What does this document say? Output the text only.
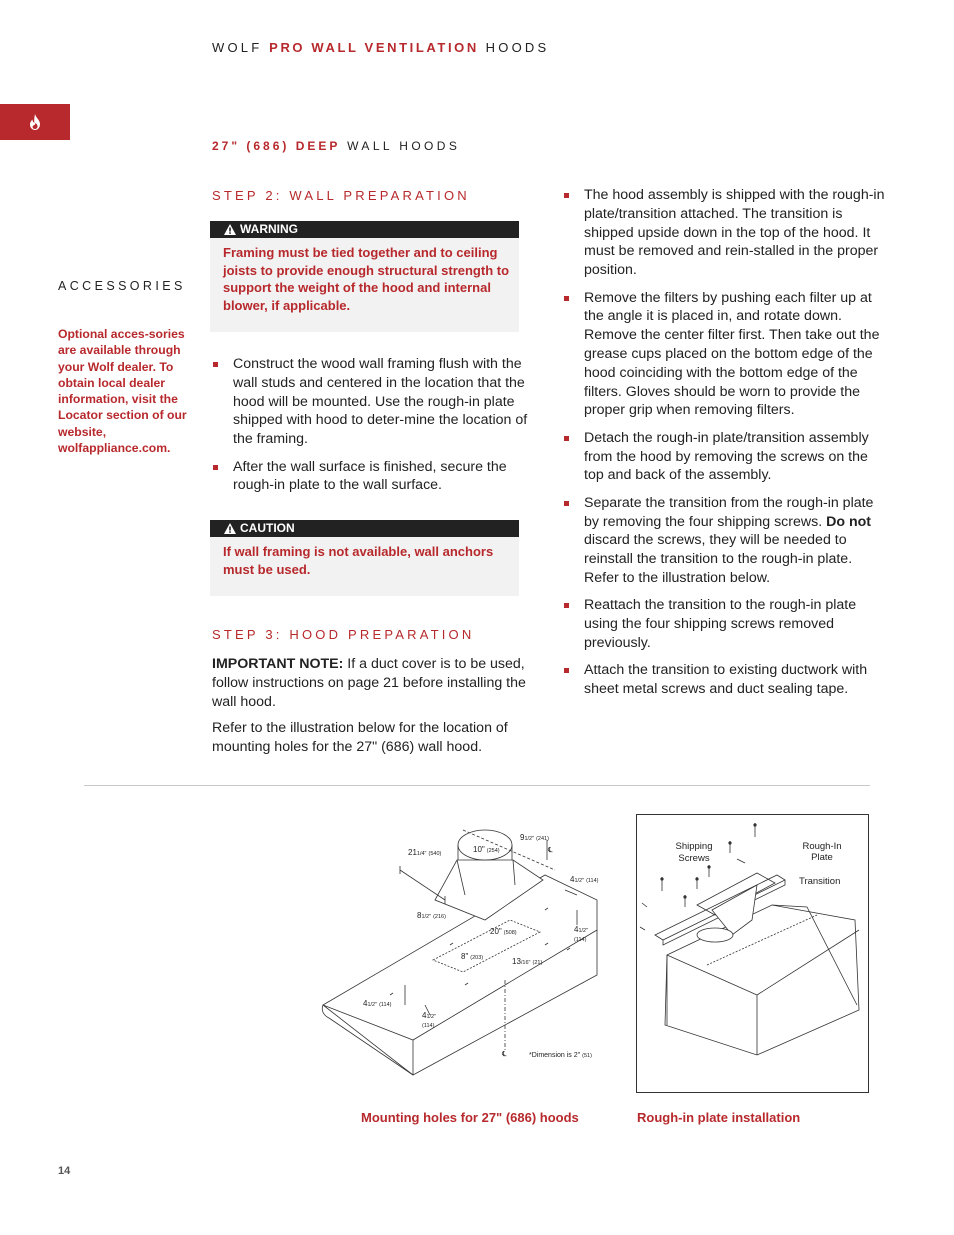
WOLF PRO WALL VENTILATION HOODS
27" (686) DEEP WALL HOODS
ACCESSORIES
Optional acces-sories are available through your Wolf dealer. To obtain local dealer information, visit the Locator section of our website, wolfappliance.com.
STEP 2: WALL PREPARATION
WARNING
Framing must be tied together and to ceiling joists to provide enough structural strength to support the weight of the hood and internal blower, if applicable.
Construct the wood wall framing flush with the wall studs and centered in the location that the hood will be mounted. Use the rough-in plate shipped with hood to deter-mine the location of the framing.
After the wall surface is finished, secure the rough-in plate to the wall surface.
CAUTION
If wall framing is not available, wall anchors must be used.
STEP 3: HOOD PREPARATION
IMPORTANT NOTE: If a duct cover is to be used, follow instructions on page 21 before installing the wall hood.
Refer to the illustration below for the location of mounting holes for the 27" (686) wall hood.
The hood assembly is shipped with the rough-in plate/transition attached. The transition is shipped upside down in the top of the hood. It must be removed and rein-stalled in the proper position.
Remove the filters by pushing each filter up at the angle it is placed in, and rotate down. Remove the center filter first. Then take out the grease cups placed on the bottom edge of the hood coinciding with the bottom edge of the filters. Gloves should be worn to provide the proper grip when removing filters.
Detach the rough-in plate/transition assembly from the hood by removing the screws on the top and back of the assembly.
Separate the transition from the rough-in plate by removing the four shipping screws. Do not discard the screws, they will be needed to reinstall the transition to the rough-in plate. Refer to the illustration below.
Reattach the transition to the rough-in plate using the four shipping screws removed previously.
Attach the transition to existing ductwork with sheet metal screws and duct sealing tape.
211/4" (540)	10" (254)
91/2" (241)
℄
41/2" (114)
81/2" (216)
20" (508)	41/2"
(114)
8" (203)	13/16" (21)
41/2" (114)
41/2"
(114)
℄	*Dimension is 2" (51)
Shipping
Screws
Rough-In
Plate
Transition
Mounting holes for 27" (686) hoods	Rough-in plate installation
14
